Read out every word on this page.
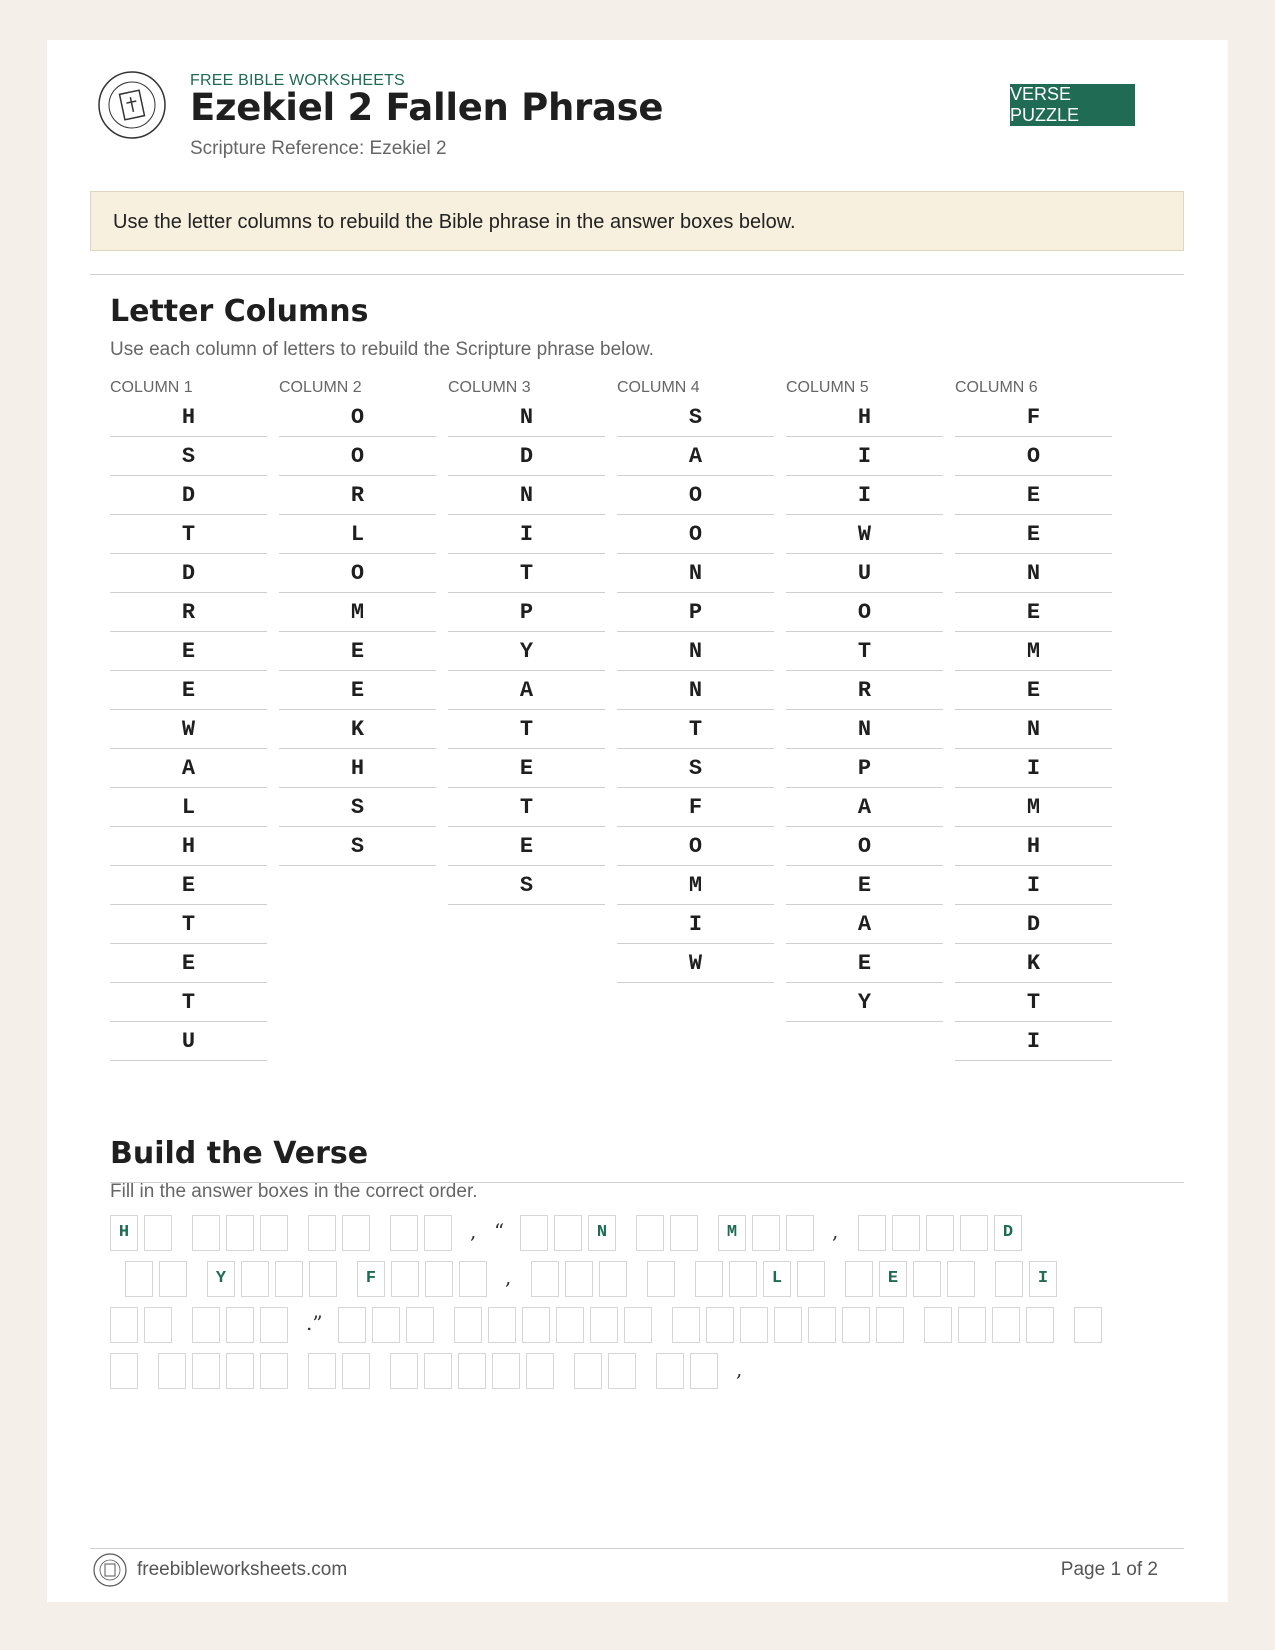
FREE BIBLE WORKSHEETS
Ezekiel 2 Fallen Phrase
Scripture Reference: Ezekiel 2
VERSE PUZZLE
Use the letter columns to rebuild the Bible phrase in the answer boxes below.
Letter Columns
Use each column of letters to rebuild the Scripture phrase below.
COLUMN 1
H
S
D
T
D
R
E
E
W
A
L
H
E
T
E
T
U
COLUMN 2
O
O
R
L
O
M
E
E
K
H
S
S
COLUMN 3
N
D
N
I
T
P
Y
A
T
E
T
E
S
COLUMN 4
S
A
O
O
N
P
N
N
T
S
F
O
M
I
W
COLUMN 5
H
I
I
W
U
O
T
R
N
P
A
O
E
A
E
Y
COLUMN 6
F
O
E
E
N
E
M
E
N
I
M
H
I
D
K
T
I
Build the Verse
Fill in the answer boxes in the correct order.
H	, “	N	M	,	D
Y	F	,	L	E	I
.”
,
freebibleworksheets.com	Page 1 of 2
